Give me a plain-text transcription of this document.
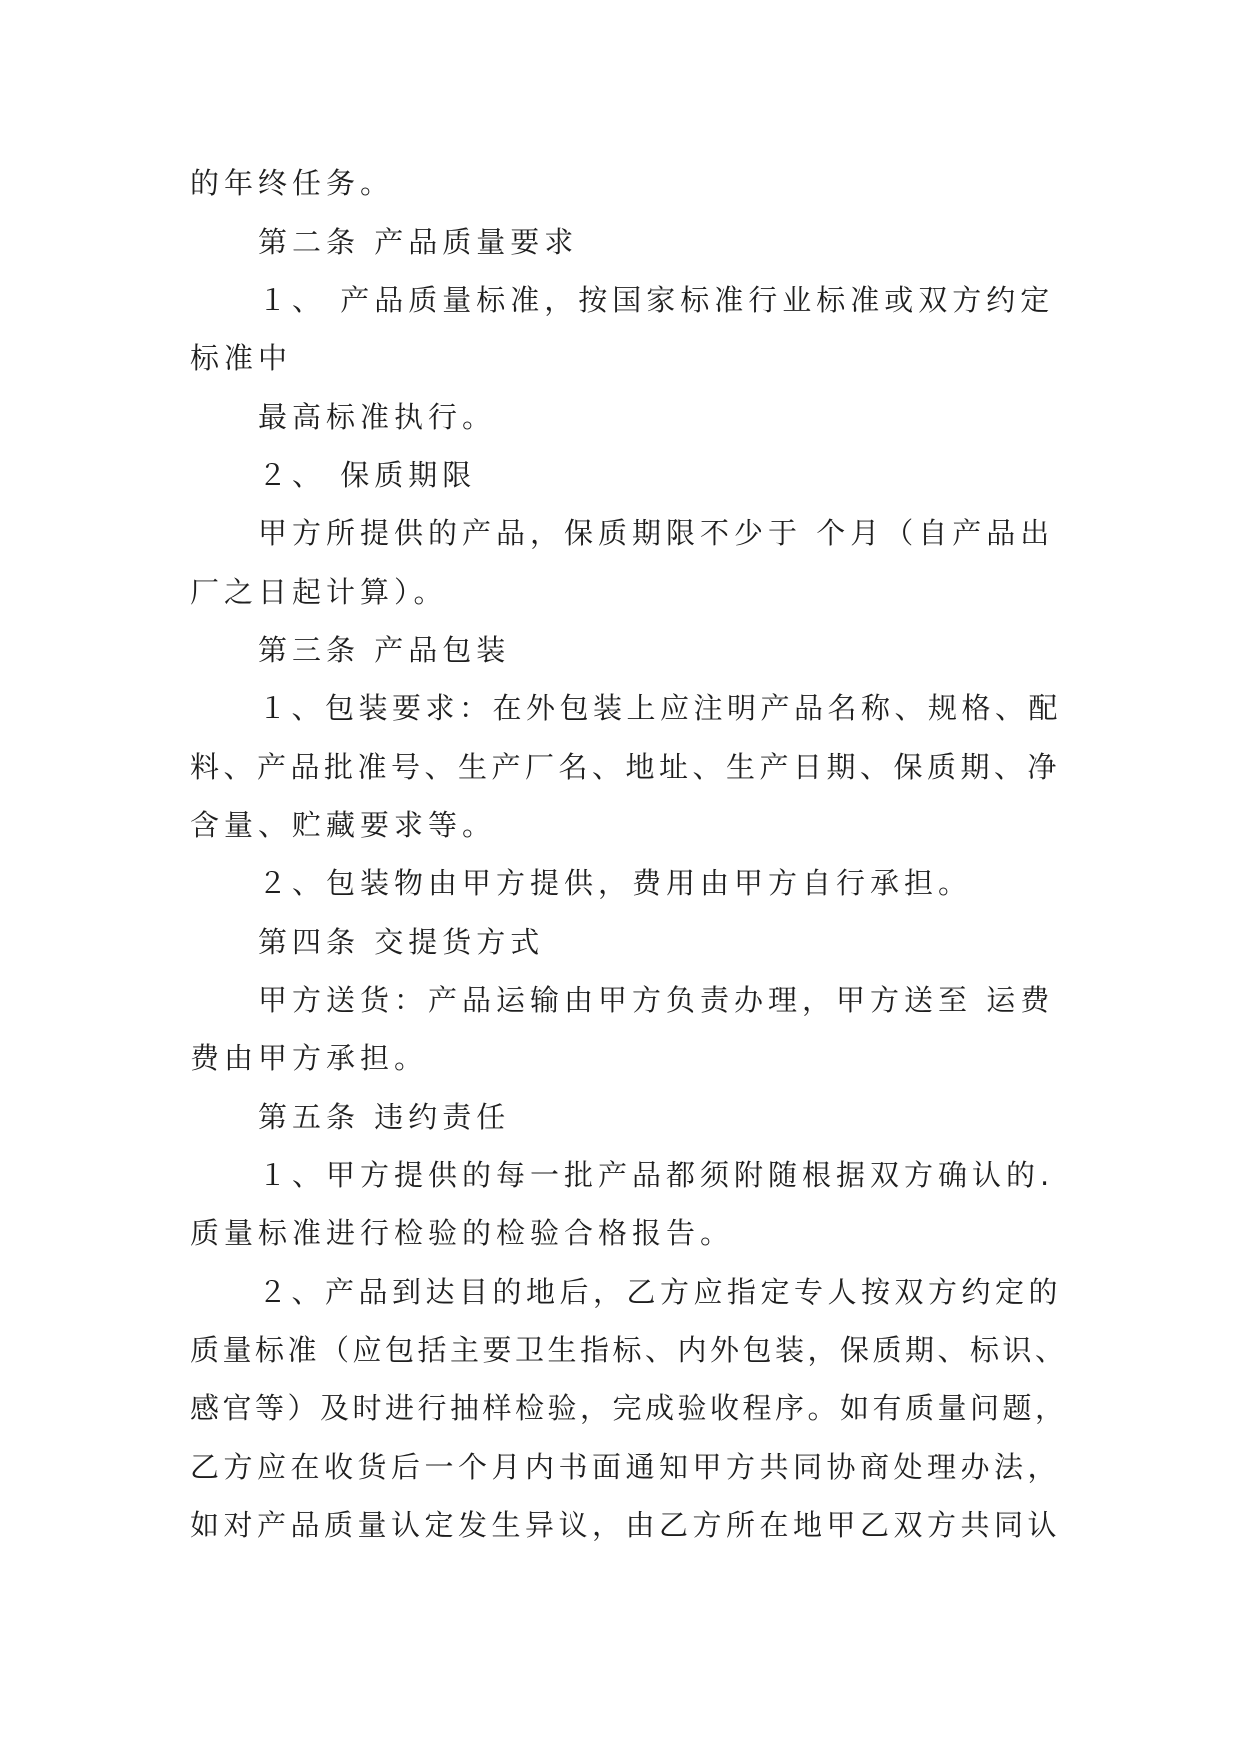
的年终任务。
第二条 产品质量要求
１、 产品质量标准，按国家标准行业标准或双方约定
标准中
最高标准执行。
２、 保质期限
甲方所提供的产品，保质期限不少于 个月（自产品出
厂之日起计算）。
第三条 产品包装
１、包装要求：在外包装上应注明产品名称、规格、配
料、产品批准号、生产厂名、地址、生产日期、保质期、净
含量、贮藏要求等。
２、包装物由甲方提供，费用由甲方自行承担。
第四条 交提货方式
甲方送货：产品运输由甲方负责办理，甲方送至 运费
费由甲方承担。
第五条 违约责任
１、甲方提供的每一批产品都须附随根据双方确认的.
质量标准进行检验的检验合格报告。
２、产品到达目的地后，乙方应指定专人按双方约定的
质量标准（应包括主要卫生指标、内外包装，保质期、标识、
感官等）及时进行抽样检验，完成验收程序。如有质量问题，
乙方应在收货后一个月内书面通知甲方共同协商处理办法，
如对产品质量认定发生异议，由乙方所在地甲乙双方共同认
